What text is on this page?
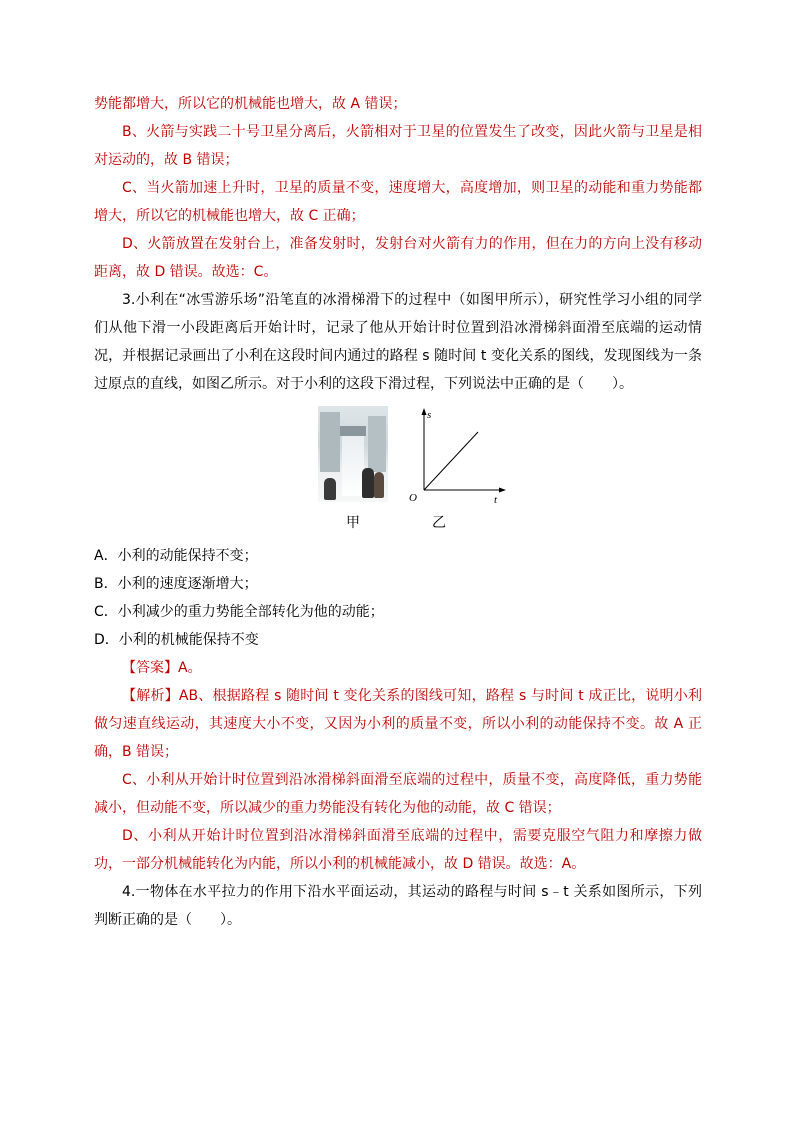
势能都增大，所以它的机械能也增大，故 A 错误；
B、火箭与实践二十号卫星分离后，火箭相对于卫星的位置发生了改变，因此火箭与卫星是相对运动的，故 B 错误；
C、当火箭加速上升时，卫星的质量不变，速度增大，高度增加，则卫星的动能和重力势能都增大，所以它的机械能也增大，故 C 正确；
D、火箭放置在发射台上，准备发射时，发射台对火箭有力的作用，但在力的方向上没有移动距离，故 D 错误。故选：C。
3.小利在“冰雪游乐场”沿笔直的冰滑梯滑下的过程中（如图甲所示），研究性学习小组的同学们从他下滑一小段距离后开始计时，记录了他从开始计时位置到沿冰滑梯斜面滑至底端的运动情况，并根据记录画出了小利在这段时间内通过的路程 s 随时间 t 变化关系的图线，发现图线为一条过原点的直线，如图乙所示。对于小利的这段下滑过程，下列说法中正确的是（　　）。
s
t
O
甲	乙
A．小利的动能保持不变；
B．小利的速度逐渐增大；
C．小利减少的重力势能全部转化为他的动能；
D．小利的机械能保持不变
【答案】A。
【解析】AB、根据路程 s 随时间 t 变化关系的图线可知，路程 s 与时间 t 成正比，说明小利做匀速直线运动，其速度大小不变，又因为小利的质量不变，所以小利的动能保持不变。故 A 正确，B 错误；
C、小利从开始计时位置到沿冰滑梯斜面滑至底端的过程中，质量不变，高度降低，重力势能减小，但动能不变，所以减少的重力势能没有转化为他的动能，故 C 错误；
D、小利从开始计时位置到沿冰滑梯斜面滑至底端的过程中，需要克服空气阻力和摩擦力做功，一部分机械能转化为内能，所以小利的机械能减小，故 D 错误。故选：A。
4.一物体在水平拉力的作用下沿水平面运动，其运动的路程与时间 s﹣t 关系如图所示，下列判断正确的是（　　）。
